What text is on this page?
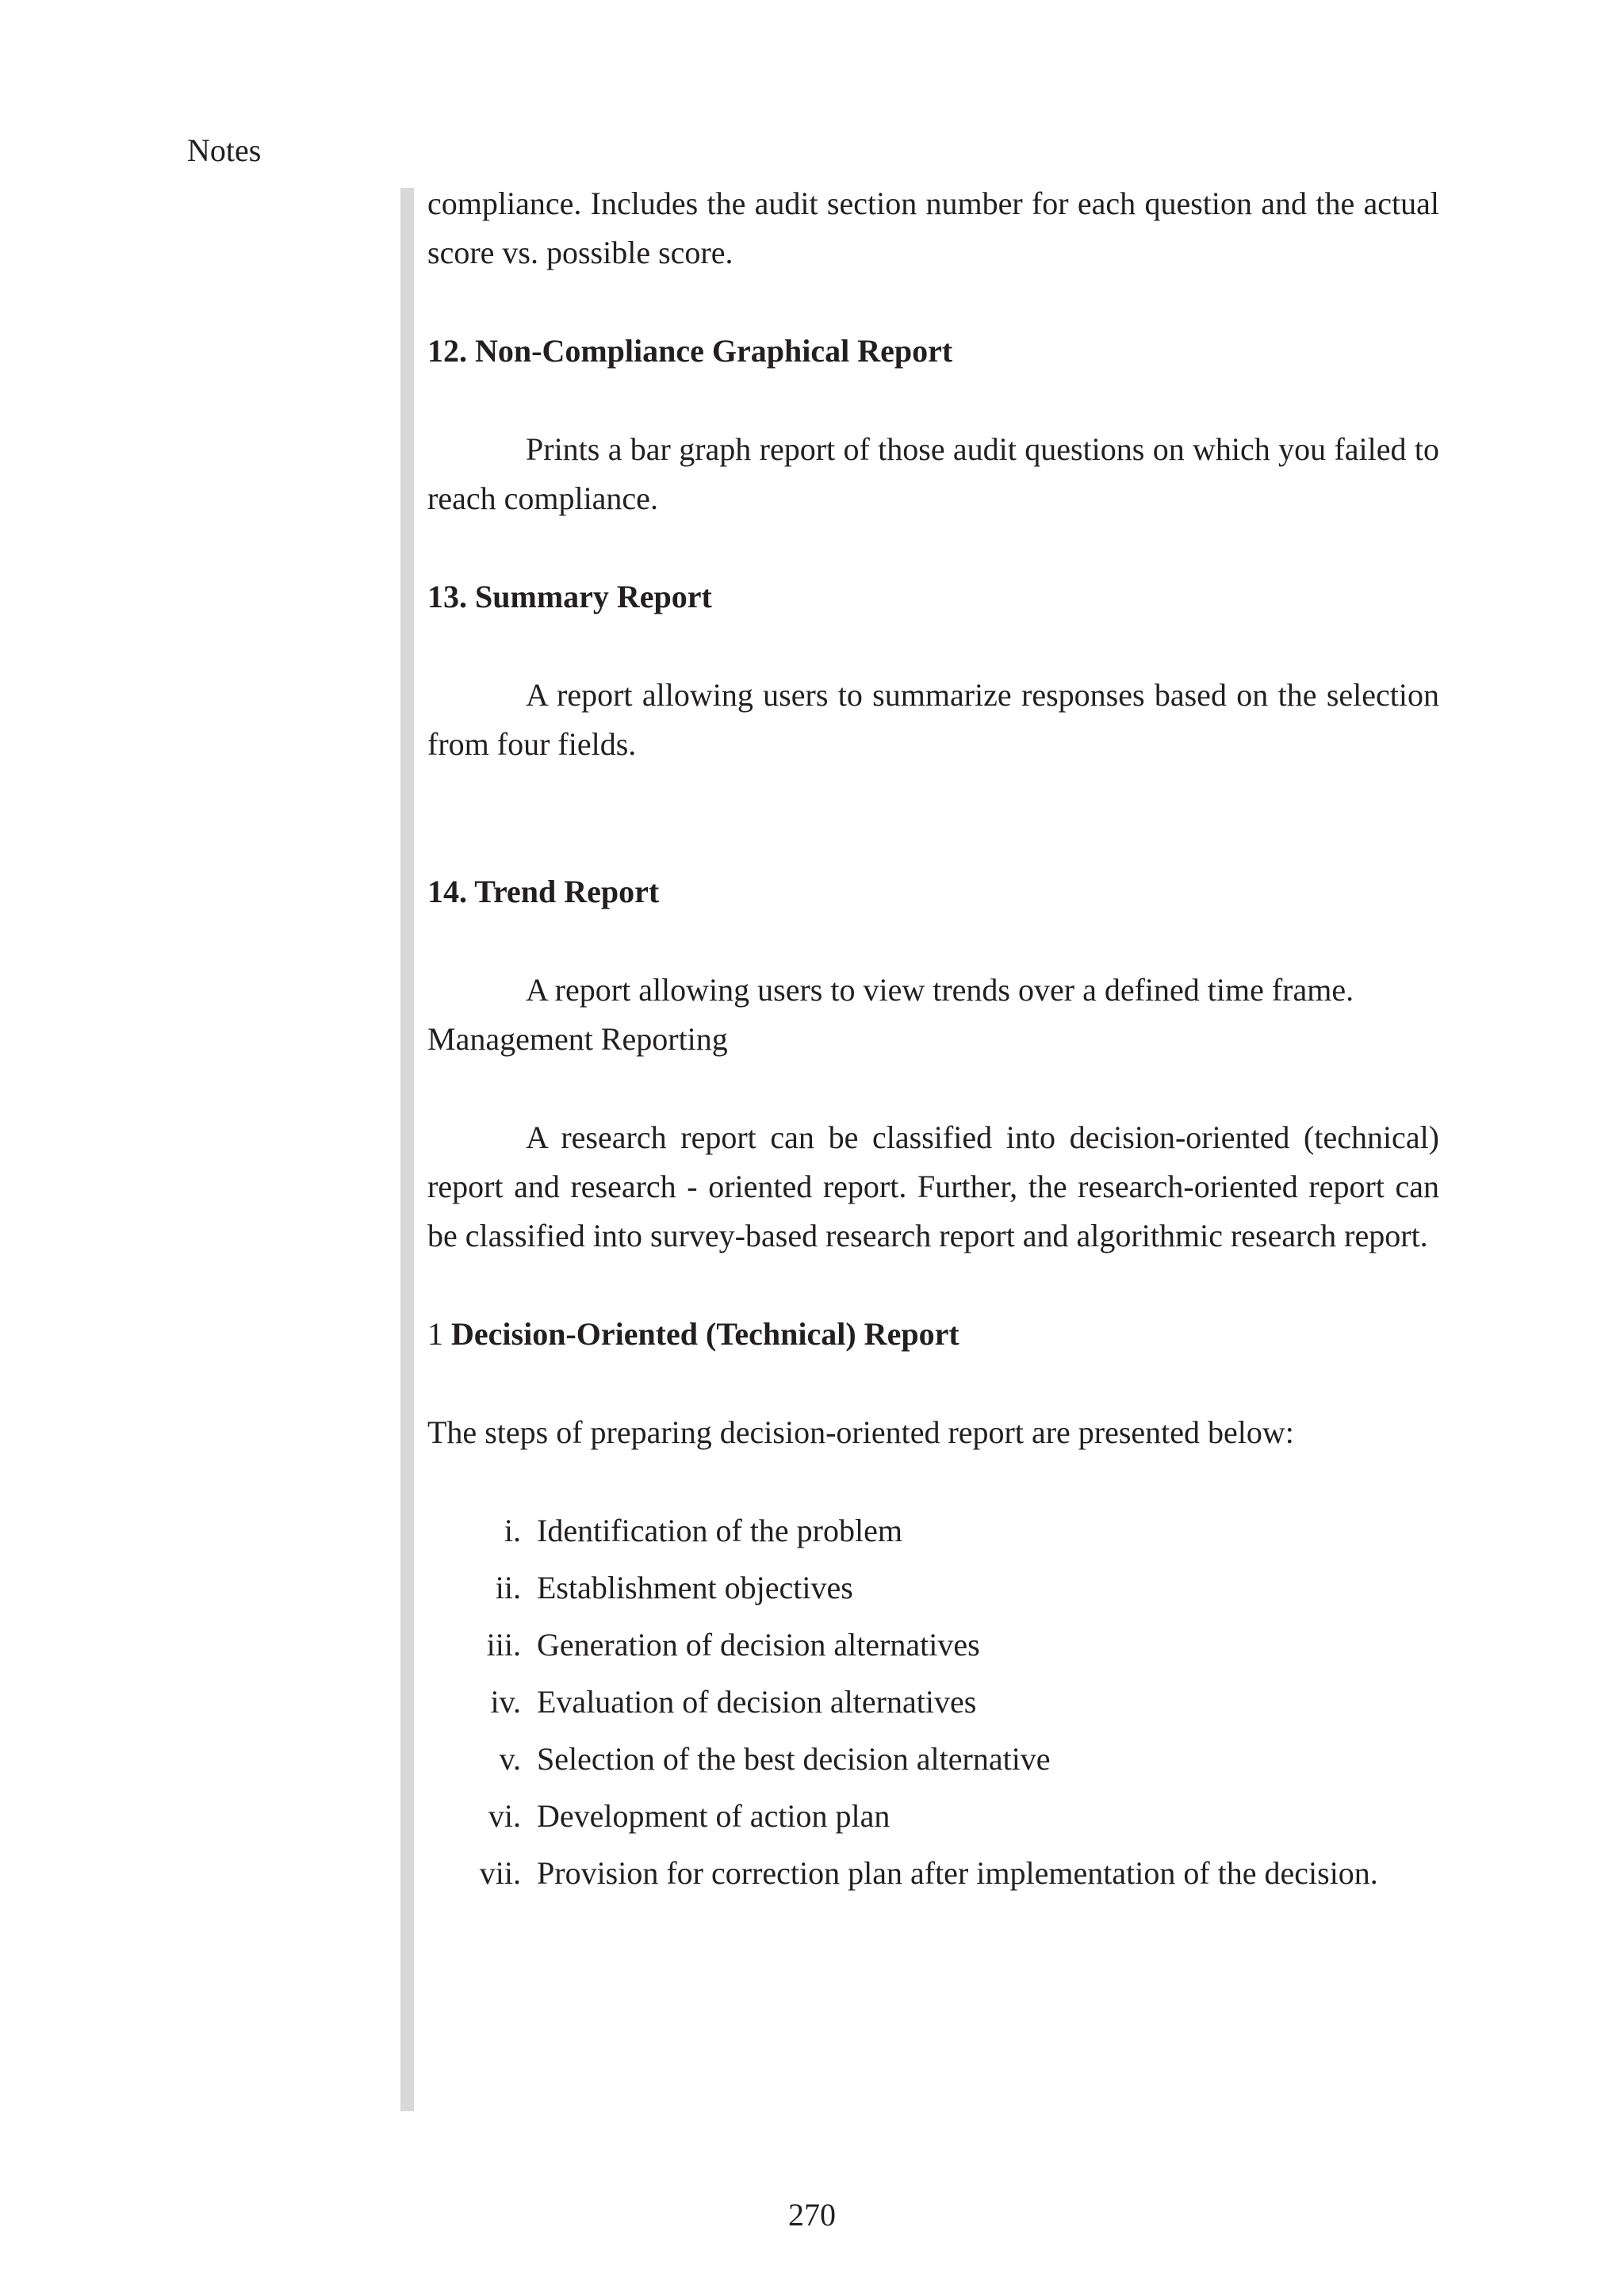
Notes

compliance. Includes the audit section number for each question and the actual score vs. possible score.

12. Non-Compliance Graphical Report

Prints a bar graph report of those audit questions on which you failed to reach compliance.

13. Summary Report

A report allowing users to summarize responses based on the selection from four fields.

14. Trend Report

A report allowing users to view trends over a defined time frame.

Management Reporting

A research report can be classified into decision-oriented (technical) report and research - oriented report. Further, the research-oriented report can be classified into survey-based research report and algorithmic research report.

1 Decision-Oriented (Technical) Report

The steps of preparing decision-oriented report are presented below:

i. Identification of the problem
ii. Establishment objectives
iii. Generation of decision alternatives
iv. Evaluation of decision alternatives
v. Selection of the best decision alternative
vi. Development of action plan
vii. Provision for correction plan after implementation of the decision.
270
